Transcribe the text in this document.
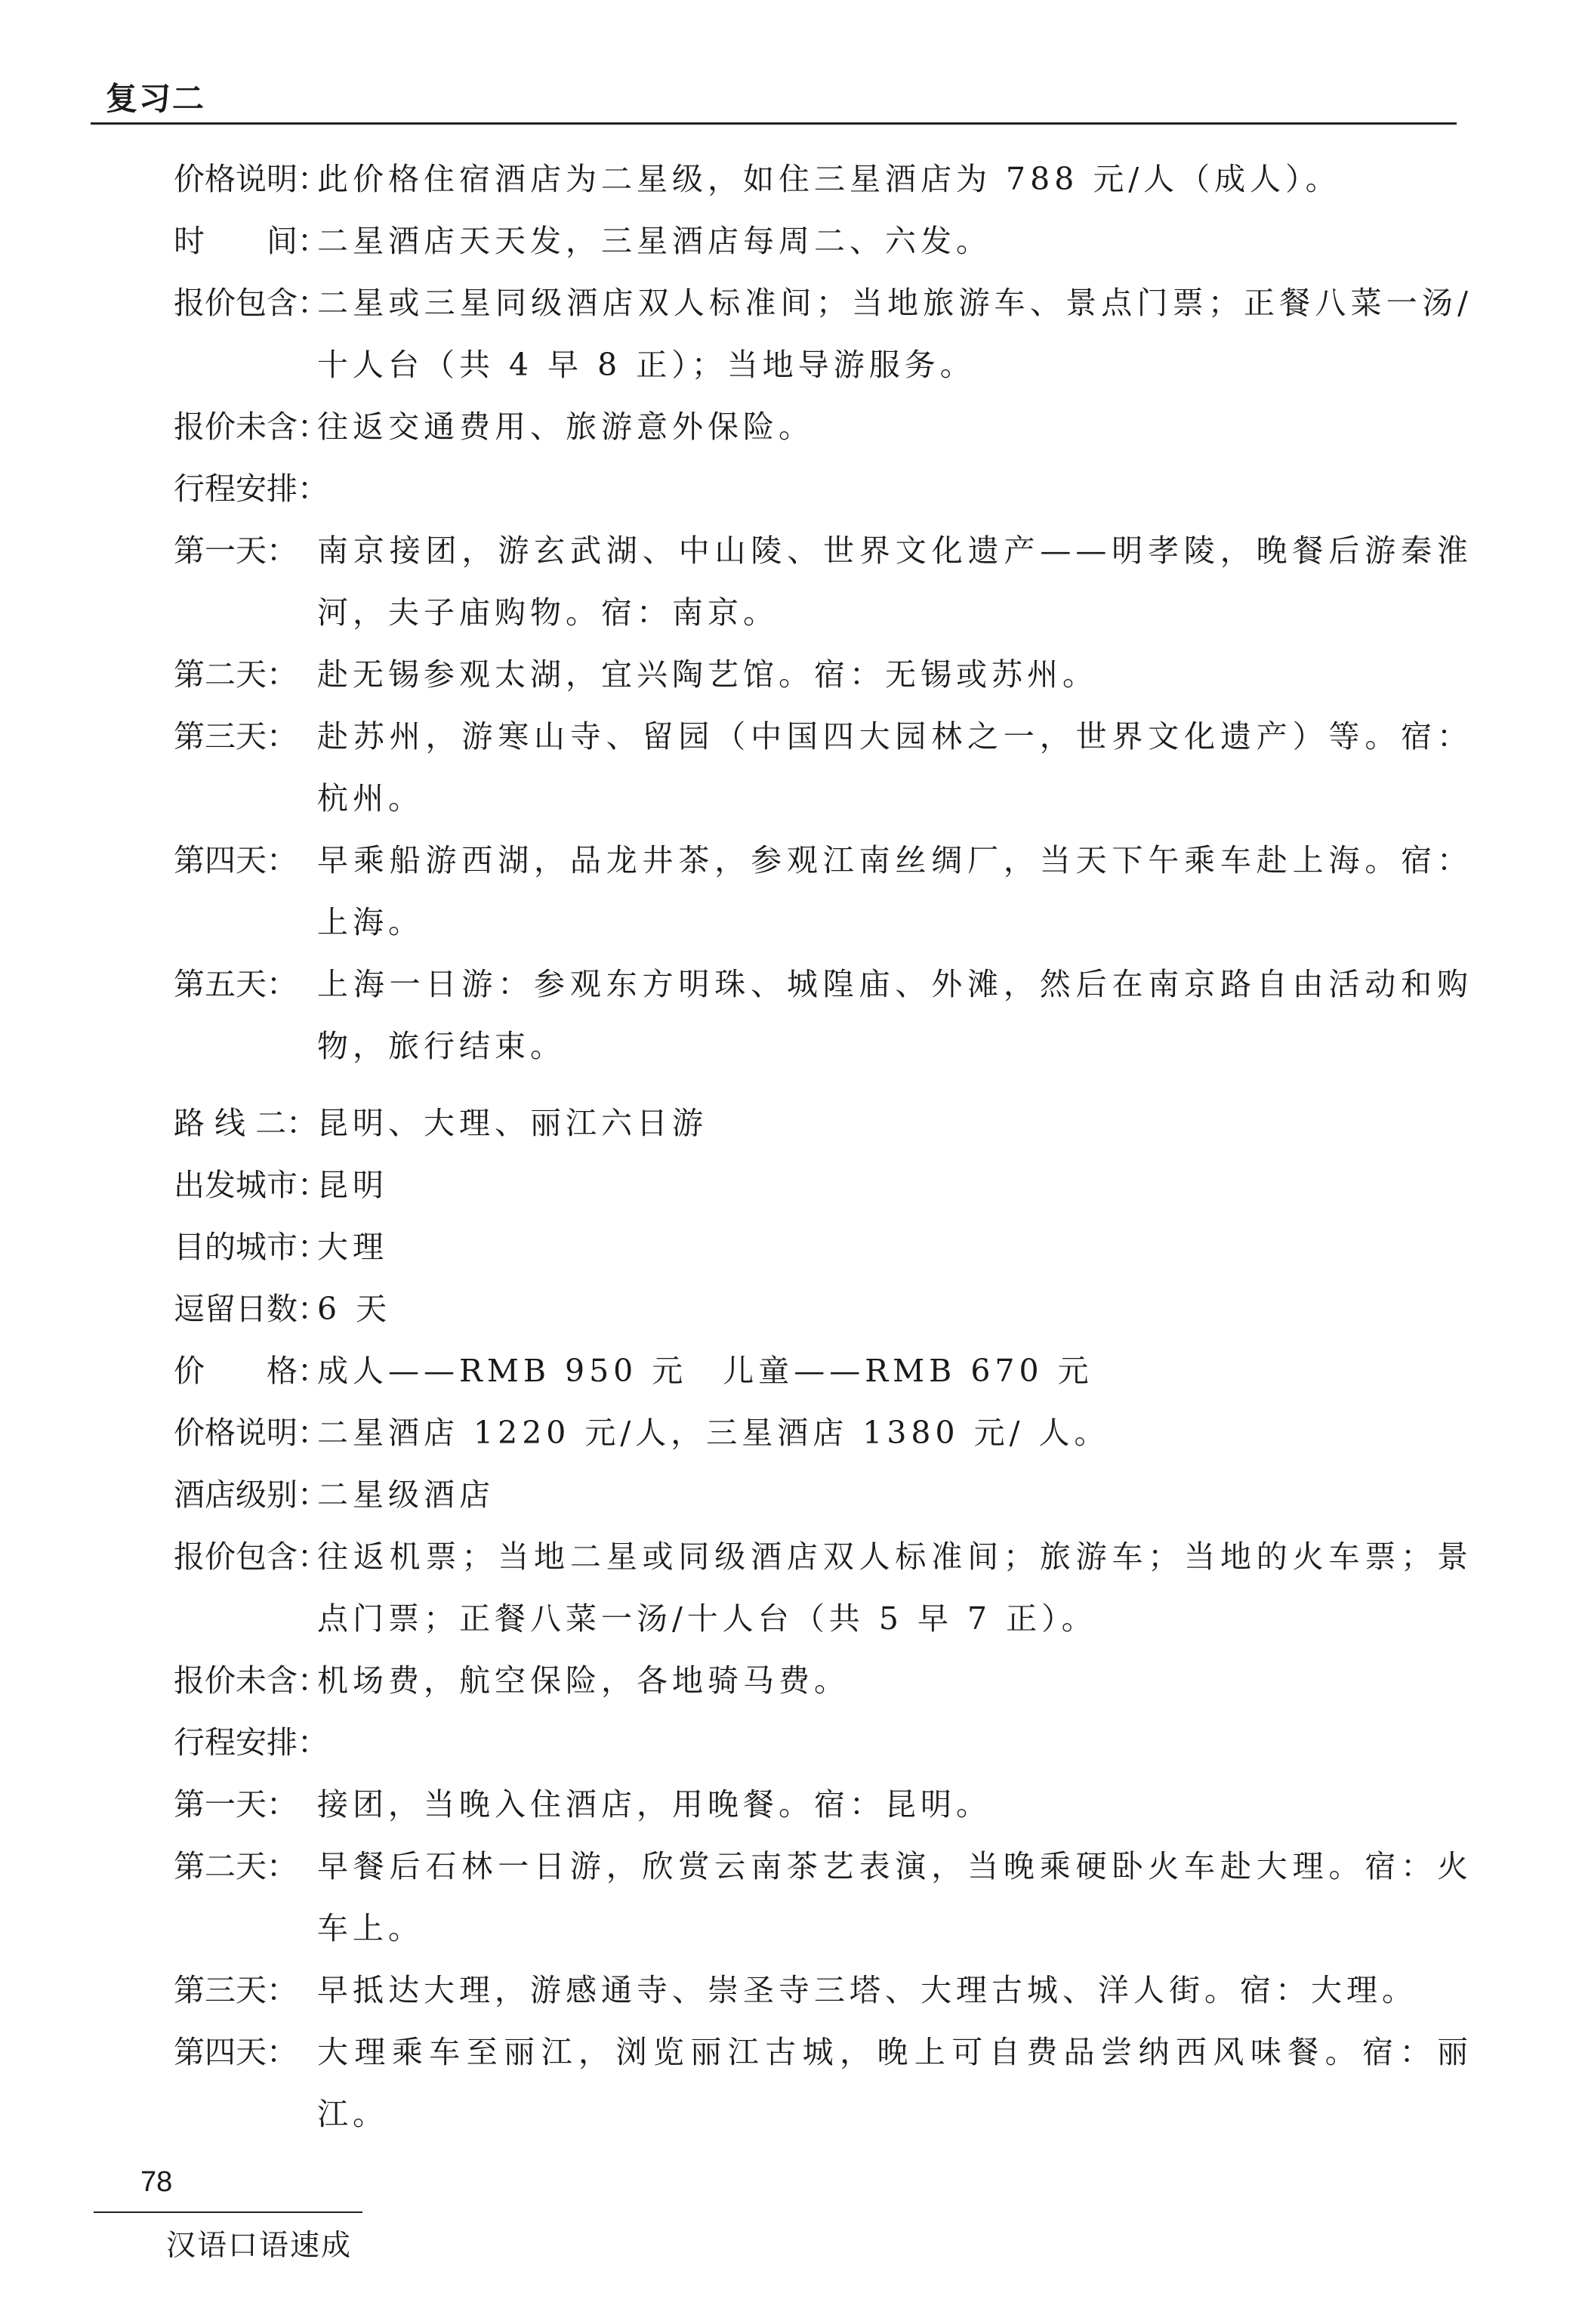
复习二
价格说明：
此价格住宿酒店为二星级，如住三星酒店为 788 元/人（成人）。
时　　间：
二星酒店天天发，三星酒店每周二、六发。
报价包含：
二星或三星同级酒店双人标准间；当地旅游车、景点门票；正餐八菜一汤/十人台（共 4 早 8 正）；当地导游服务。
报价未含：
往返交通费用、旅游意外保险。
行程安排：

第一天： 南京接团，游玄武湖、中山陵、世界文化遗产——明孝陵，晚餐后游秦淮河，夫子庙购物。宿：南京。
第二天： 赴无锡参观太湖，宜兴陶艺馆。宿：无锡或苏州。
第三天： 赴苏州，游寒山寺、留园（中国四大园林之一，世界文化遗产）等。宿：杭州。
第四天： 早乘船游西湖，品龙井茶，参观江南丝绸厂，当天下午乘车赴上海。宿：上海。
第五天： 上海一日游：参观东方明珠、城隍庙、外滩，然后在南京路自由活动和购物，旅行结束。
路 线 二： 昆明、大理、丽江六日游
出发城市：
昆明
目的城市：
大理
逗留日数：
6 天
价　　格：
成人——RMB 950 元　儿童——RMB 670 元
价格说明：
二星酒店 1220 元/人，三星酒店 1380 元/ 人。
酒店级别：
二星级酒店
报价包含：
往返机票；当地二星或同级酒店双人标准间；旅游车；当地的火车票；景点门票；正餐八菜一汤/十人台（共 5 早 7 正）。
报价未含：
机场费，航空保险，各地骑马费。
行程安排：

第一天： 接团，当晚入住酒店，用晚餐。宿：昆明。
第二天： 早餐后石林一日游，欣赏云南茶艺表演，当晚乘硬卧火车赴大理。宿：火车上。
第三天： 早抵达大理，游感通寺、崇圣寺三塔、大理古城、洋人街。宿：大理。
第四天： 大理乘车至丽江，浏览丽江古城，晚上可自费品尝纳西风味餐。宿：丽江。
78
汉语口语速成
